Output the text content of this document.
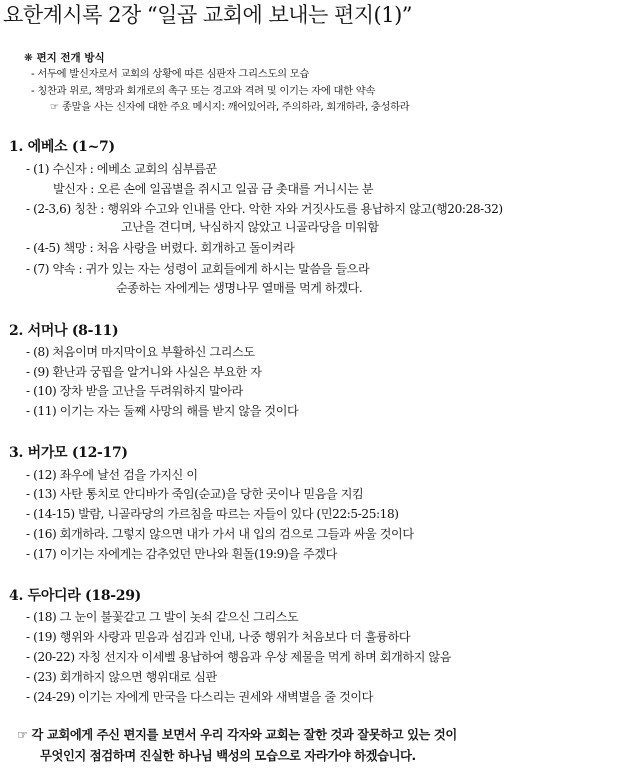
요한계시록 2장 “일곱 교회에 보내는 편지(1)”
❋ 편지 전개 방식
- 서두에 발신자로서 교회의 상황에 따른 심판자 그리스도의 모습
- 칭찬과 위로, 책망과 회개로의 촉구 또는 경고와 격려 및 이기는 자에 대한 약속
☞ 종말을 사는 신자에 대한 주요 메시지: 깨어있어라, 주의하라, 회개하라, 충성하라
1. 에베소 (1~7)
- (1) 수신자 : 에베소 교회의 심부름꾼
발신자 : 오른 손에 일곱별을 쥐시고 일곱 금 촛대를 거니시는 분
- (2-3,6) 칭찬 : 행위와 수고와 인내를 안다. 악한 자와 거짓사도를 용납하지 않고(행20:28-32)
고난을 견디며, 낙심하지 않았고 니골라당을 미워함
- (4-5) 책망 : 처음 사랑을 버렸다. 회개하고 돌이켜라
- (7) 약속 : 귀가 있는 자는 성령이 교회들에게 하시는 말씀을 들으라
순종하는 자에게는 생명나무 열매를 먹게 하겠다.
2. 서머나 (8-11)
- (8) 처음이며 마지막이요 부활하신 그리스도
- (9) 환난과 궁핍을 알거니와 사실은 부요한 자
- (10) 장차 받을 고난을 두려워하지 말아라
- (11) 이기는 자는 둘째 사망의 해를 받지 않을 것이다
3. 버가모 (12-17)
- (12) 좌우에 날선 검을 가지신 이
- (13) 사탄 통치로 안디바가 죽임(순교)을 당한 곳이나 믿음을 지킴
- (14-15) 발람, 니골라당의 가르침을 따르는 자들이 있다 (민22:5-25:18)
- (16) 회개하라. 그렇지 않으면 내가 가서 내 입의 검으로 그들과 싸울 것이다
- (17) 이기는 자에게는 감추었던 만나와 흰돌(19:9)을 주겠다
4. 두아디라 (18-29)
- (18) 그 눈이 불꽃같고 그 발이 놋쇠 같으신 그리스도
- (19) 행위와 사랑과 믿음과 섬김과 인내, 나중 행위가 처음보다 더 훌륭하다
- (20-22) 자칭 선지자 이세벨 용납하여 행음과 우상 제물을 먹게 하며 회개하지 않음
- (23) 회개하지 않으면 행위대로 심판
- (24-29) 이기는 자에게 만국을 다스리는 권세와 새벽별을 줄 것이다
☞ 각 교회에게 주신 편지를 보면서 우리 각자와 교회는 잘한 것과 잘못하고 있는 것이
무엇인지 점검하며 진실한 하나님 백성의 모습으로 자라가야 하겠습니다.
